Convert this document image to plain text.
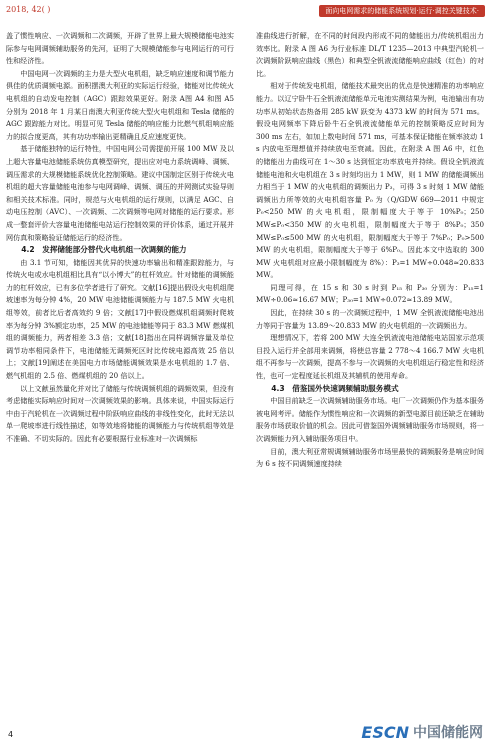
2018, 42( )	面向电网需求的储能系统规划·运行·调控关键技术·

盖了惯性响应、一次调频和二次调频，开辟了世界上最大规模储能电池实际参与电网调频辅助服务的先河，证明了大规模储能参与电网运行的可行性和经济性。

中国电网一次调频的主力是大型火电机组，缺乏响应速度和调节能力俱佳的优质调频电源。面积摆澳大利亚的实际运行经验，储能对比传统火电机组的自动发电控制（AGC）跟踪效果更好。附录 A图 A4 和图 A5 分别为 2018 年 1 月某日南澳大利亚传统大型火电机组和 Tesla 储能的 AGC 跟踪能力对比。明显可见 Tesla 储能的响应能力比燃气机组响应能力的拟合度更高，其有功功率输出更精确且反应速度更快。

基于储能独特的运行特性，中国电网公司需提前开展 100 MW 及以上超大容量电池储能系统仿真模型研究，提出应对电力系统调峰、调频、调压需求的大规模储能系统优化控制策略。建议中国制定区别于传统火电机组的超大容量储能电池参与电网调峰、调频、调压的并网测试实验导则和相关技术标准。同时，规范与火电机组的运行规则，以满足 AGC、自动电压控制（AVC）、一次调频、二次调频等电网对储能的运行要求。形成一整套评价大容量电池储能电站运行控制效果的评价体系，通过开展并网仿真和策略验证储能运行的经济性。

4.2　发挥储能部分替代火电机组一次调频的能力

由 3.1 节可知，储能因其优异的快速功率输出和精准跟踪能力，与传统火电或水电机组相比具有“以小博大”的杠杆效应。针对储能的调频能力的杠杆效应，已有多位学者进行了研究。文献[16]提出假设火电机组爬坡速率为每分钟 4%，20 MW 电池储能调频能力与 187.5 MW 火电机组等效，前者比后者高效约 9 倍；文献[17]中假设燃煤机组调频时爬坡率为每分钟 3%额定功率，25 MW 的电池储能等同于 83.3 MW 燃煤机组的调频能力，两者相差 3.3 倍；文献[18]指出在同样调频容量及单位调节功率相同条件下，电池储能无调频死区时比传统电源高效 25 倍以上；文献[19]阐述在美国电力市场储能调频效果是水电机组的 1.7 倍、燃气机组的 2.5 倍、燃煤机组的 20 倍以上。

以上文献虽然量化并对比了储能与传统调频机组的调频效果，但没有考虑储能实际响应时间对一次调频效果的影响。具体来说，中国实际运行中由于汽轮机在一次调频过程中阶跃响应曲线的非线性变化，此时无法以单一爬坡率进行线性描述，如等效地将储能的调频能力与传统机组等效是不准确、不切实际的。因此有必要根据行业标准对一次调频标

准曲线进行折解，在不同的时间段内形成不同的储能出力/传统机组出力效率比。附录 A 图 A6 为行业标准 DL/T 1235—2013 中典型汽轮机一次调频阶跃响应曲线（黑色）和典型全钒液流储能响应曲线（红色）的对比。

相对于传统发电机组，储能技术最突出的优点是快速精准的功率响应能力。以辽宁卧牛石全钒液流储能单元电池实测结果为例，电池输出有功功率从初始状态热备用 285 kW 跃变为 4373 kW 的时间为 571 ms。假设电网频率下降后卧牛石全钒液流储能单元的控制策略反应时间为 300 ms 左右，如加上数电时间 571 ms，可基本保证储能在频率波动 1 s 内放电至理想值并持续放电至衰减。因此，在附录 A 图 A6 中，红色的储能出力曲线可在 1～30 s 达到恒定功率放电并持续。假设全钒液流储能电池和火电机组在 3 s 时刻均出力 1 MW，则 1 MW 的储能调频出力相当于 1 MW 的火电机组的调频出力 P₃，可得 3 s 时刻 1 MW 储能调频出力所等效的火电机组容量 P₀ 为（Q/GDW 669—2011 中规定 P₀<250 MW 的火电机组，限制幅度大于等于 10%P₀；250 MW≤P₀<350 MW 的火电机组，限制幅度大于等于 8%P₀；350 MW≤P₀≤500 MW 的火电机组，限制幅度大于等于 7%P₀；P₀>500 MW 的火电机组，限制幅度大于等于 6%P₀。因此本文中选取的 300 MW 火电机组对应最小限制幅度为 8%）：P₃=1 MW÷0.048≈20.833 MW。

同理可得，在 15 s 和 30 s 时到 P₁₅ 和 P₃₀ 分别为：P₁₅=1 MW÷0.06≈16.67 MW；P₃₀=1 MW÷0.072≈13.89 MW。

因此，在持续 30 s 的一次调频过程中，1 MW 全钒液流储能电池出力等同于容量为 13.89～20.833 MW 的火电机组的一次调频出力。

理想情况下，若将 200 MW 大连全钒液流电池储能电站国家示范项目投入运行并全部用来调频，将使总容量 2 778～4 166.7 MW 火电机组不再参与一次调频，提高不参与一次调频的火电机组运行稳定性和经济性，也可一定程度延长机组及其辅机的使用寿命。

4.3　借鉴国外快速调频辅助服务模式

中国目前缺乏一次调频辅助服务市场。电厂一次调频仍作为基本服务被电网考评。储能作为惯性响应和一次调频的新型电源目前还缺乏在辅助服务市场获取价值的机会。因此可借鉴国外调频辅助服务市场规则，将一次调频能力列入辅助服务项目中。

目前，澳大利亚常规调频辅助服务市场里最快的调频服务是响应时间为 6 s 按不同调频速度持续

4	ESCN 中国储能网
